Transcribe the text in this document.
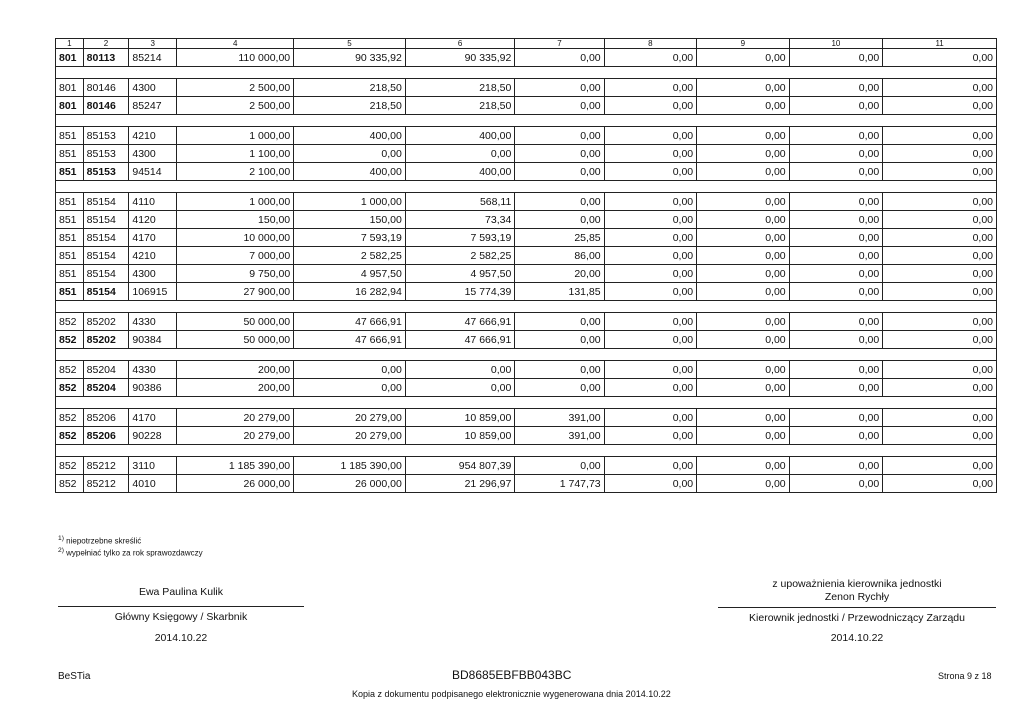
1	2	3	4	5	6	7	8	9	10	11
801	80113	85214	110 000,00	90 335,92	90 335,92	0,00	0,00	0,00	0,00	0,00

801	80146	4300	2 500,00	218,50	218,50	0,00	0,00	0,00	0,00	0,00
801	80146	85247	2 500,00	218,50	218,50	0,00	0,00	0,00	0,00	0,00

851	85153	4210	1 000,00	400,00	400,00	0,00	0,00	0,00	0,00	0,00
851	85153	4300	1 100,00	0,00	0,00	0,00	0,00	0,00	0,00	0,00
851	85153	94514	2 100,00	400,00	400,00	0,00	0,00	0,00	0,00	0,00

851	85154	4110	1 000,00	1 000,00	568,11	0,00	0,00	0,00	0,00	0,00
851	85154	4120	150,00	150,00	73,34	0,00	0,00	0,00	0,00	0,00
851	85154	4170	10 000,00	7 593,19	7 593,19	25,85	0,00	0,00	0,00	0,00
851	85154	4210	7 000,00	2 582,25	2 582,25	86,00	0,00	0,00	0,00	0,00
851	85154	4300	9 750,00	4 957,50	4 957,50	20,00	0,00	0,00	0,00	0,00
851	85154	106915	27 900,00	16 282,94	15 774,39	131,85	0,00	0,00	0,00	0,00

852	85202	4330	50 000,00	47 666,91	47 666,91	0,00	0,00	0,00	0,00	0,00
852	85202	90384	50 000,00	47 666,91	47 666,91	0,00	0,00	0,00	0,00	0,00

852	85204	4330	200,00	0,00	0,00	0,00	0,00	0,00	0,00	0,00
852	85204	90386	200,00	0,00	0,00	0,00	0,00	0,00	0,00	0,00

852	85206	4170	20 279,00	20 279,00	10 859,00	391,00	0,00	0,00	0,00	0,00
852	85206	90228	20 279,00	20 279,00	10 859,00	391,00	0,00	0,00	0,00	0,00

852	85212	3110	1 185 390,00	1 185 390,00	954 807,39	0,00	0,00	0,00	0,00	0,00
852	85212	4010	26 000,00	26 000,00	21 296,97	1 747,73	0,00	0,00	0,00	0,00
$^{1)}$ niepotrzebne skreślić
$^{2)}$ wypełniać tylko za rok sprawozdawczy
Ewa Paulina Kulik
Główny Księgowy / Skarbnik
2014.10.22
z upoważnienia kierownika jednostki
Zenon Rychły
Kierownik jednostki / Przewodniczący Zarządu
2014.10.22
BeSTia	BD8685EBFBB043BC	Strona 9 z 18
Kopia z dokumentu podpisanego elektronicznie wygenerowana dnia 2014.10.22
